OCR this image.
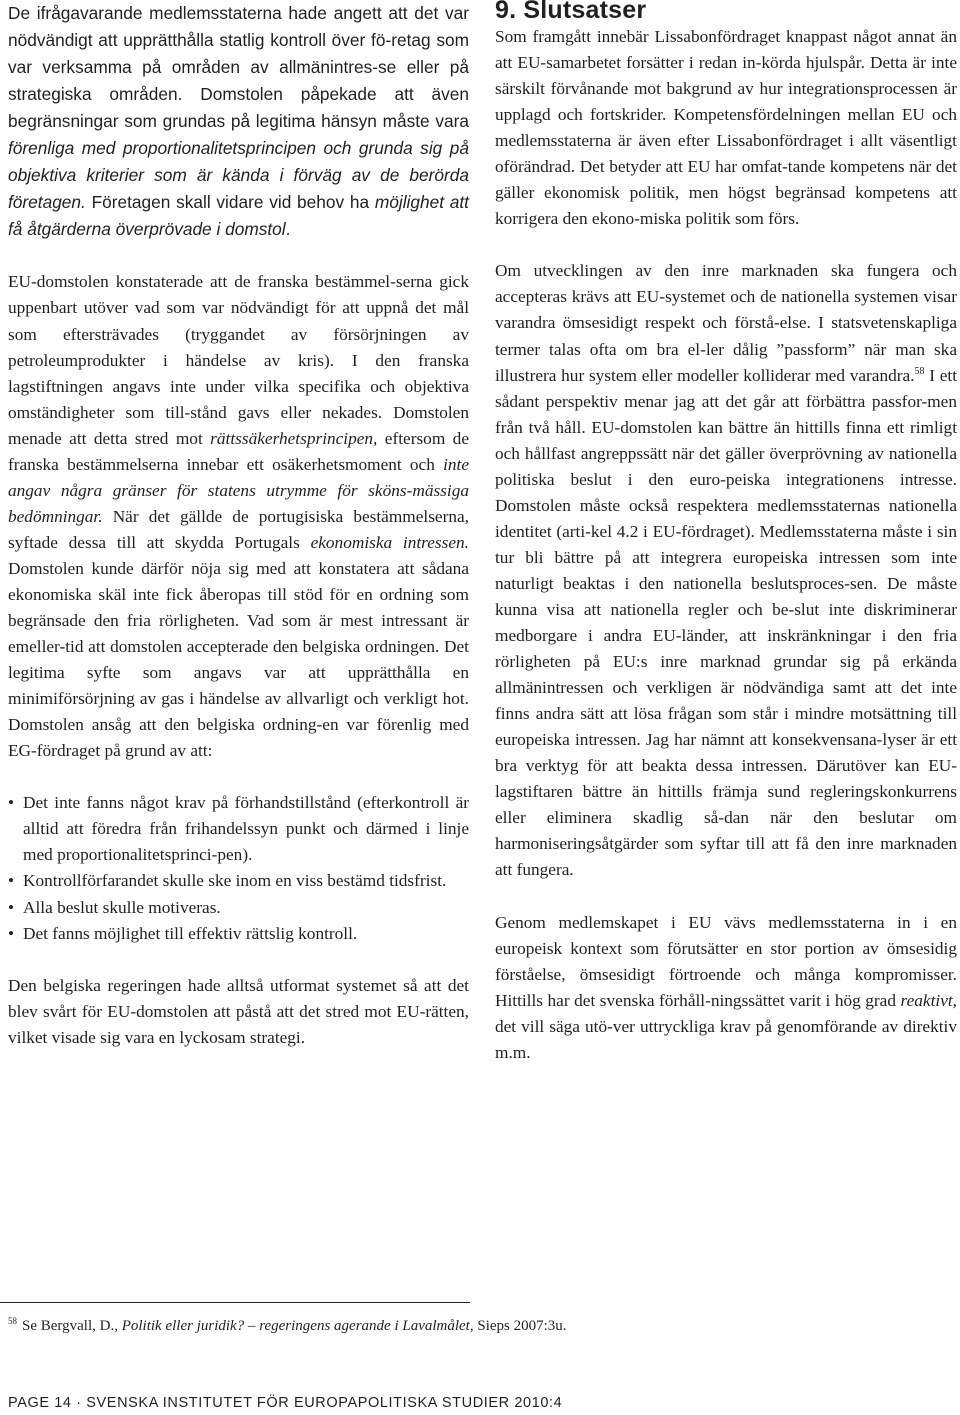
De ifrågavarande medlemsstaterna hade angett att det var nödvändigt att upprätthålla statlig kontroll över fö-retag som var verksamma på områden av allmänintres-se eller på strategiska områden. Domstolen påpekade att även begränsningar som grundas på legitima hänsyn måste vara förenliga med proportionalitetsprincipen och grunda sig på objektiva kriterier som är kända i förväg av de berörda företagen. Företagen skall vidare vid behov ha möjlighet att få åtgärderna överprövade i domstol.

EU-domstolen konstaterade att de franska bestämmel-serna gick uppenbart utöver vad som var nödvändigt för att uppnå det mål som eftersträvades (tryggandet av försörjningen av petroleumprodukter i händelse av kris). I den franska lagstiftningen angavs inte under vilka specifika och objektiva omständigheter som till-stånd gavs eller nekades. Domstolen menade att detta stred mot rättssäkerhetsprincipen, eftersom de franska bestämmelserna innebar ett osäkerhetsmoment och inte angav några gränser för statens utrymme för sköns-mässiga bedömningar. När det gällde de portugisiska bestämmelserna, syftade dessa till att skydda Portugals ekonomiska intressen. Domstolen kunde därför nöja sig med att konstatera att sådana ekonomiska skäl inte fick åberopas till stöd för en ordning som begränsade den fria rörligheten. Vad som är mest intressant är emeller-tid att domstolen accepterade den belgiska ordningen. Det legitima syfte som angavs var att upprätthålla en minimiförsörjning av gas i händelse av allvarligt och verkligt hot. Domstolen ansåg att den belgiska ordning-en var förenlig med EG-fördraget på grund av att:

• Det inte fanns något krav på förhandstillstånd (efterkontroll är alltid att föredra från frihandelssyn punkt och därmed i linje med proportionalitetsprinci-pen).
• Kontrollförfarandet skulle ske inom en viss bestämd tidsfrist.
• Alla beslut skulle motiveras.
• Det fanns möjlighet till effektiv rättslig kontroll.

Den belgiska regeringen hade alltså utformat systemet så att det blev svårt för EU-domstolen att påstå att det stred mot EU-rätten, vilket visade sig vara en lyckosam strategi.

9. Slutsatser

Som framgått innebär Lissabonfördraget knappast något annat än att EU-samarbetet forsätter i redan in-körda hjulspår. Detta är inte särskilt förvånande mot bakgrund av hur integrationsprocessen är upplagd och fortskrider. Kompetensfördelningen mellan EU och medlemsstaterna är även efter Lissabonfördraget i allt väsentligt oförändrad. Det betyder att EU har omfat-tande kompetens när det gäller ekonomisk politik, men högst begränsad kompetens att korrigera den ekono-miska politik som förs.

Om utvecklingen av den inre marknaden ska fungera och accepteras krävs att EU-systemet och de nationella systemen visar varandra ömsesidigt respekt och förstå-else. I statsvetenskapliga termer talas ofta om bra el-ler dålig ”passform” när man ska illustrera hur system eller modeller kolliderar med varandra.$^{58}$ I ett sådant perspektiv menar jag att det går att förbättra passfor-men från två håll. EU-domstolen kan bättre än hittills finna ett rimligt och hållfast angreppssätt när det gäller överprövning av nationella politiska beslut i den euro-peiska integrationens intresse. Domstolen måste också respektera medlemsstaternas nationella identitet (arti-kel 4.2 i EU-fördraget). Medlemsstaterna måste i sin tur bli bättre på att integrera europeiska intressen som inte naturligt beaktas i den nationella beslutsproces-sen. De måste kunna visa att nationella regler och be-slut inte diskriminerar medborgare i andra EU-länder, att inskränkningar i den fria rörligheten på EU:s inre marknad grundar sig på erkända allmänintressen och verkligen är nödvändiga samt att det inte finns andra sätt att lösa frågan som står i mindre motsättning till europeiska intressen. Jag har nämnt att konsekvensana-lyser är ett bra verktyg för att beakta dessa intressen. Därutöver kan EU-lagstiftaren bättre än hittills främja sund regleringskonkurrens eller eliminera skadlig så-dan när den beslutar om harmoniseringsåtgärder som syftar till att få den inre marknaden att fungera.

Genom medlemskapet i EU vävs medlemsstaterna in i en europeisk kontext som förutsätter en stor portion av ömsesidig förståelse, ömsesidigt förtroende och många kompromisser. Hittills har det svenska förhåll-ningssättet varit i hög grad reaktivt, det vill säga utö-ver uttryckliga krav på genomförande av direktiv m.m.

$^{58}$ Se Bergvall, D., Politik eller juridik? – regeringens agerande i Lavalmålet, Sieps 2007:3u.
PAGE 14 · SVENSKA INSTITUTET FÖR EUROPAPOLITISKA STUDIER 2010:4
